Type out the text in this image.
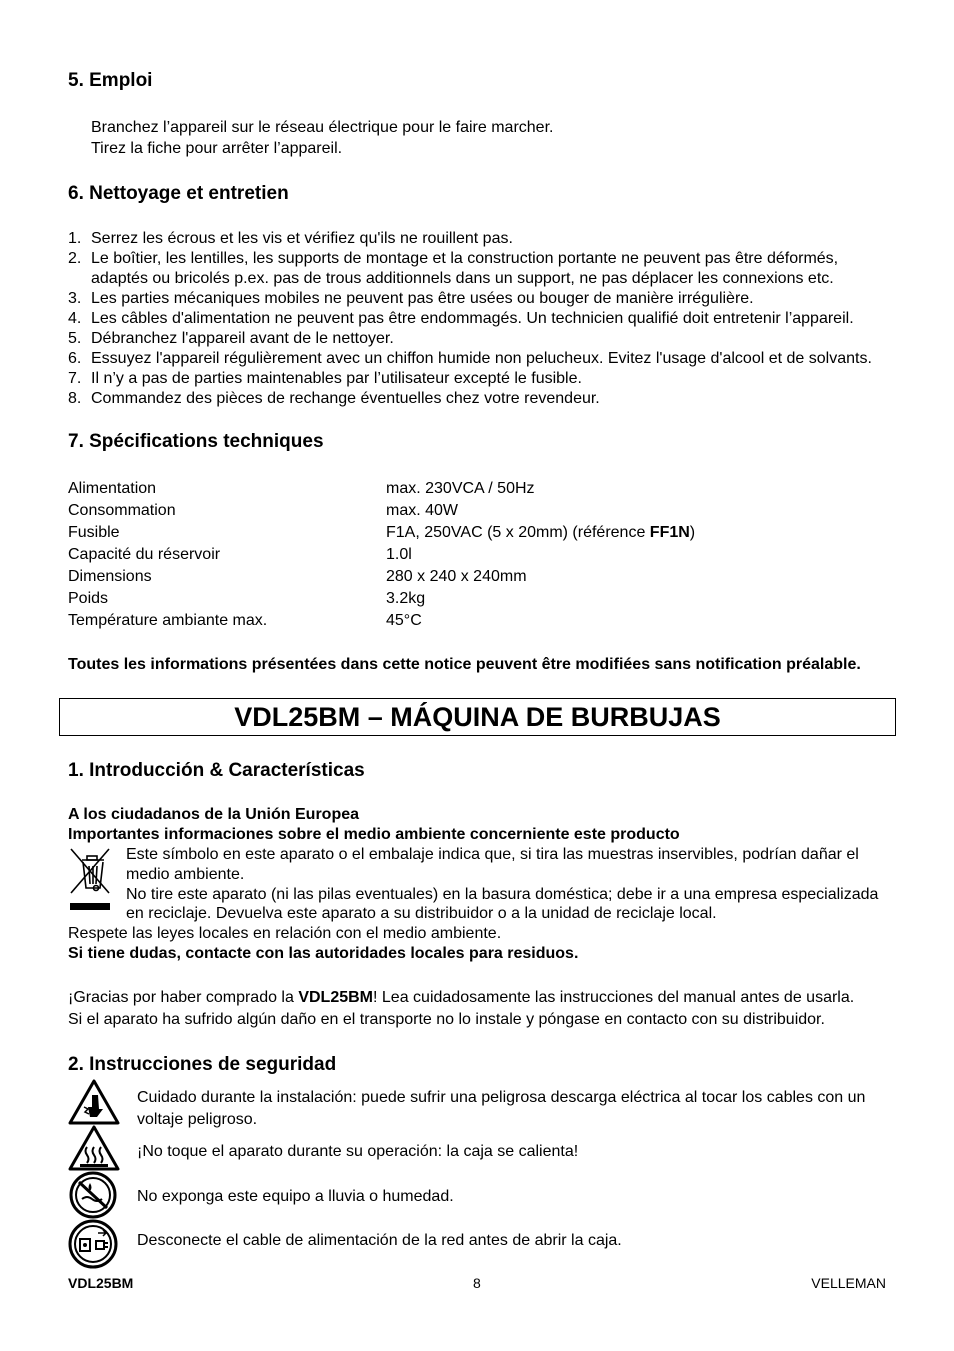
5. Emploi
Branchez l’appareil sur le réseau électrique pour le faire marcher.
Tirez la fiche pour arrêter l’appareil.
6. Nettoyage et entretien
1. Serrez les écrous et les vis et vérifiez qu'ils ne rouillent pas.
2. Le boîtier, les lentilles, les supports de montage et la construction portante ne peuvent pas être déformés,
adaptés ou bricolés p.ex. pas de trous additionnels dans un support, ne pas déplacer les connexions etc.
3. Les parties mécaniques mobiles ne peuvent pas être usées ou bouger de manière irrégulière.
4. Les câbles d'alimentation ne peuvent pas être endommagés. Un technicien qualifié doit entretenir l’appareil.
5. Débranchez l'appareil avant de le nettoyer.
6. Essuyez l'appareil régulièrement avec un chiffon humide non pelucheux. Evitez l'usage d'alcool et de solvants.
7. Il n’y a pas de parties maintenables par l’utilisateur excepté le fusible.
8. Commandez des pièces de rechange éventuelles chez votre revendeur.
7. Spécifications techniques
Alimentation	max. 230VCA / 50Hz
Consommation	max. 40W
Fusible	F1A, 250VAC (5 x 20mm) (référence FF1N)
Capacité du réservoir	1.0l
Dimensions	280 x 240 x 240mm
Poids	3.2kg
Température ambiante max.	45°C
Toutes les informations présentées dans cette notice peuvent être modifiées sans notification préalable.
VDL25BM – MÁQUINA DE BURBUJAS
1. Introducción & Características
A los ciudadanos de la Unión Europea
Importantes informaciones sobre el medio ambiente concerniente este producto
Este símbolo en este aparato o el embalaje indica que, si tira las muestras inservibles, podrían dañar el
medio ambiente.
No tire este aparato (ni las pilas eventuales) en la basura doméstica; debe ir a una empresa especializada
en reciclaje. Devuelva este aparato a su distribuidor o a la unidad de reciclaje local.
Respete las leyes locales en relación con el medio ambiente.
Si tiene dudas, contacte con las autoridades locales para residuos.
¡Gracias por haber comprado la VDL25BM! Lea cuidadosamente las instrucciones del manual antes de usarla.
Si el aparato ha sufrido algún daño en el transporte no lo instale y póngase en contacto con su distribuidor.
2. Instrucciones de seguridad
Cuidado durante la instalación: puede sufrir una peligrosa descarga eléctrica al tocar los cables con un
voltaje peligroso.
¡No toque el aparato durante su operación: la caja se calienta!
No exponga este equipo a lluvia o humedad.
Desconecte el cable de alimentación de la red antes de abrir la caja.
VDL25BM	8	VELLEMAN
